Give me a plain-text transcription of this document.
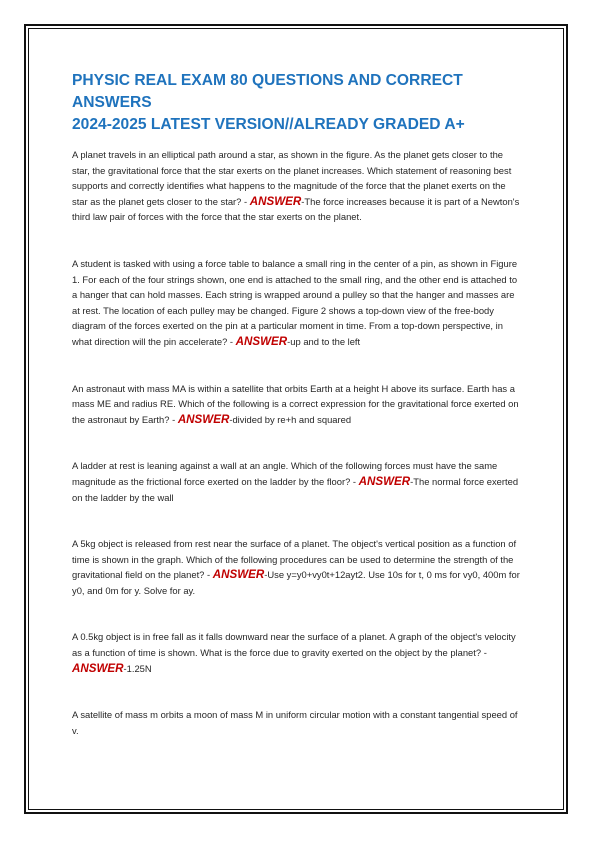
PHYSIC REAL EXAM 80 QUESTIONS AND CORRECT ANSWERS
2024-2025 LATEST VERSION//ALREADY GRADED A+

A planet travels in an elliptical path around a star, as shown in the figure. As the planet gets closer to the star, the gravitational force that the star exerts on the planet increases. Which statement of reasoning best supports and correctly identifies what happens to the magnitude of the force that the planet exerts on the star as the planet gets closer to the star? - ANSWER-The force increases because it is part of a Newton's third law pair of forces with the force that the star exerts on the planet.

A student is tasked with using a force table to balance a small ring in the center of a pin, as shown in Figure 1. For each of the four strings shown, one end is attached to the small ring, and the other end is attached to a hanger that can hold masses. Each string is wrapped around a pulley so that the hanger and masses are at rest. The location of each pulley may be changed. Figure 2 shows a top-down view of the free-body diagram of the forces exerted on the pin at a particular moment in time. From a top-down perspective, in what direction will the pin accelerate? - ANSWER-up and to the left

An astronaut with mass MA is within a satellite that orbits Earth at a height H above its surface. Earth has a mass ME and radius RE. Which of the following is a correct expression for the gravitational force exerted on the astronaut by Earth? - ANSWER-divided by re+h and squared

A ladder at rest is leaning against a wall at an angle. Which of the following forces must have the same magnitude as the frictional force exerted on the ladder by the floor? - ANSWER-The normal force exerted on the ladder by the wall

A 5kg object is released from rest near the surface of a planet. The object's vertical position as a function of time is shown in the graph. Which of the following procedures can be used to determine the strength of the gravitational field on the planet? - ANSWER-Use y=y0+vy0t+12ayt2. Use 10s for t, 0 ms for vy0, 400m for y0, and 0m for y. Solve for ay.

A 0.5kg object is in free fall as it falls downward near the surface of a planet. A graph of the object's velocity as a function of time is shown. What is the force due to gravity exerted on the object by the planet? - ANSWER-1.25N

A satellite of mass m orbits a moon of mass M in uniform circular motion with a constant tangential speed of v.
